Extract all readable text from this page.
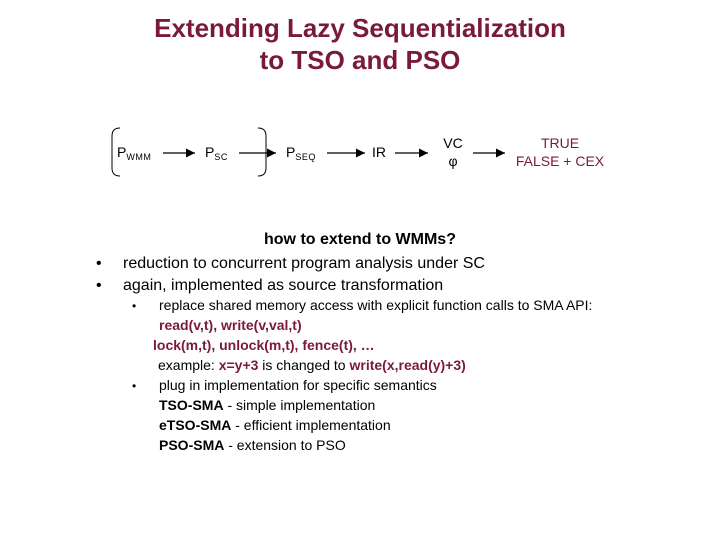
Extending Lazy Sequentialization
to TSO and PSO
$P_{WMM}$	$P_{SC}$	$P_{SEQ}$	IR
VC
φ
TRUE
FALSE + CEX
how to extend to WMMs?
• reduction to concurrent program analysis under SC
• again, implemented as source transformation
• replace shared memory access with explicit function calls to SMA API:
read(v,t), write(v,val,t)
lock(m,t), unlock(m,t), fence(t), …
example: x=y+3 is changed to write(x,read(y)+3)
• plug in implementation for specific semantics
TSO-SMA - simple implementation
eTSO-SMA - efficient implementation
PSO-SMA - extension to PSO
